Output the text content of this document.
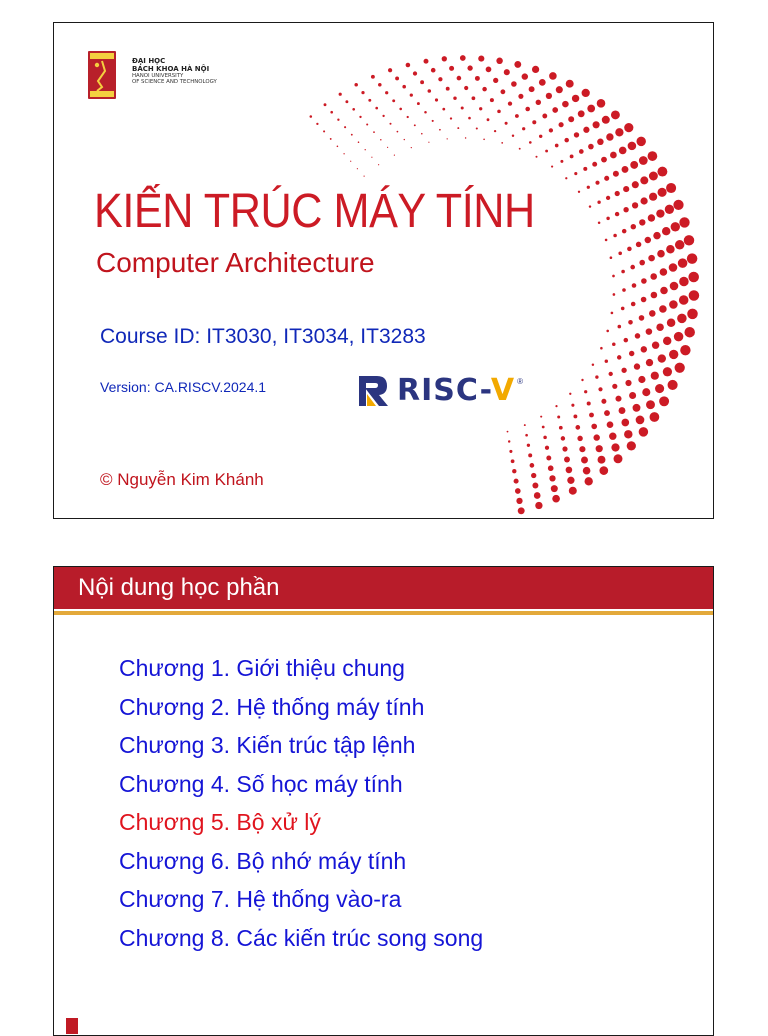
ĐẠI HỌC
BÁCH KHOA HÀ NỘI
HANOI UNIVERSITY
OF SCIENCE AND TECHNOLOGY
KIẾN TRÚC MÁY TÍNH
Computer Architecture
Course ID: IT3030, IT3034, IT3283
Version: CA.RISCV.2024.1	RISC-V ®
© Nguyễn Kim Khánh
Nội dung học phần
Chương 1. Giới thiệu chung
Chương 2. Hệ thống máy tính
Chương 3. Kiến trúc tập lệnh
Chương 4. Số học máy tính
Chương 5. Bộ xử lý
Chương 6. Bộ nhớ máy tính
Chương 7. Hệ thống vào-ra
Chương 8. Các kiến trúc song song
